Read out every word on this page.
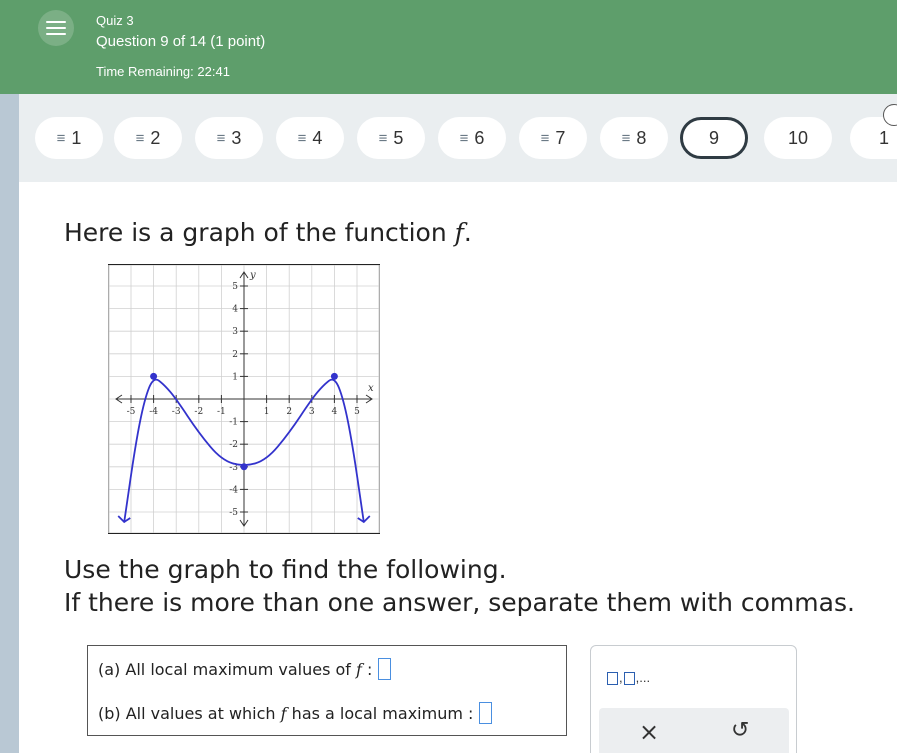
Quiz 3
Question 9 of 14 (1 point)
Time Remaining: 22:41
≡ 1	≡ 2	≡ 3	≡ 4	≡ 5	≡ 6	≡ 7	≡ 8	9	10	1
Here is a graph of the function f.
-5 -4 -3 -2 -1	1 2 3 4 5
-5
-4
-3
-2
-1
1
2
3
4
5
x
y
Use the graph to find the following.
If there is more than one answer, separate them with commas.
(a)
All local maximum values of
f
:
(b)
All values at which
f
has a local maximum
:
, ,...
×	↺
